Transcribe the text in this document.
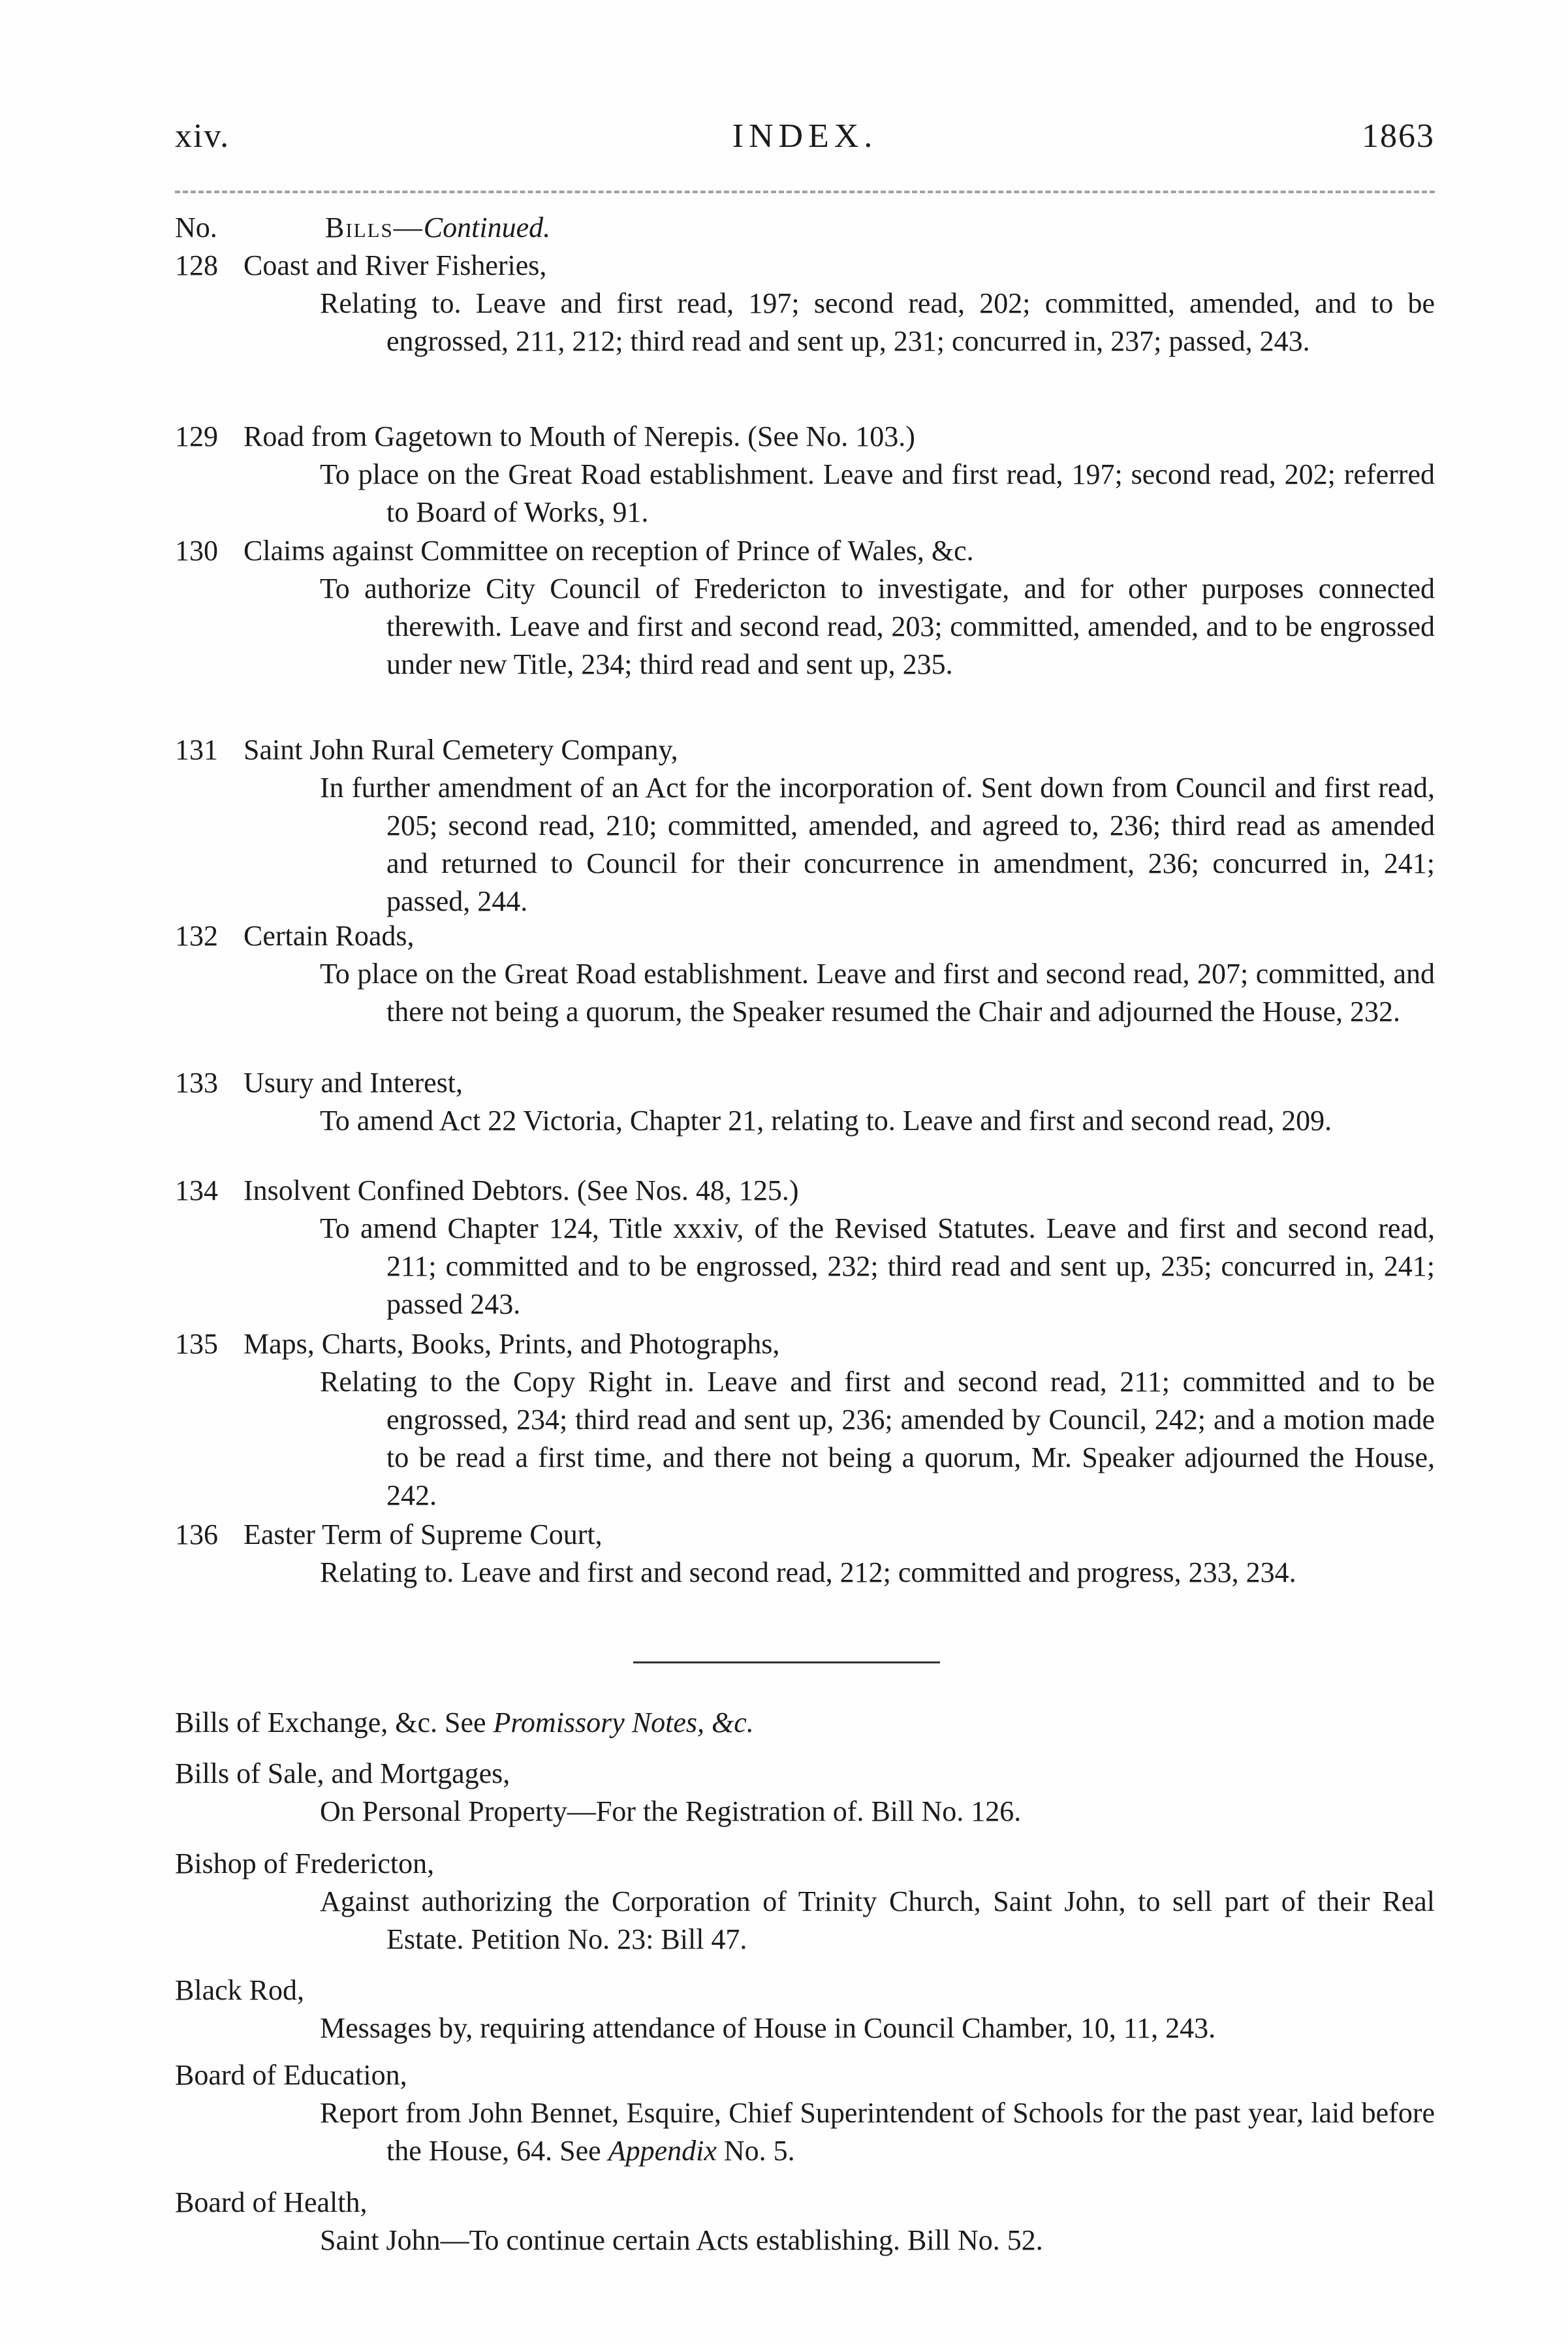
xiv.	INDEX.	1863
No.	Bills—Continued.
128 Coast and River Fisheries,

Relating to. Leave and first read, 197; second read, 202; committed, amended, and to be engrossed, 211, 212; third read and sent up, 231; concurred in, 237; passed, 243.

129 Road from Gagetown to Mouth of Nerepis. (See No. 103.)

To place on the Great Road establishment. Leave and first read, 197; second read, 202; referred to Board of Works, 91.

130 Claims against Committee on reception of Prince of Wales, &c.

To authorize City Council of Fredericton to investigate, and for other purposes connected therewith. Leave and first and second read, 203; committed, amended, and to be engrossed under new Title, 234; third read and sent up, 235.

131 Saint John Rural Cemetery Company,

In further amendment of an Act for the incorporation of. Sent down from Council and first read, 205; second read, 210; committed, amended, and agreed to, 236; third read as amended and returned to Council for their concurrence in amendment, 236; concurred in, 241; passed, 244.

132 Certain Roads,

To place on the Great Road establishment. Leave and first and second read, 207; committed, and there not being a quorum, the Speaker resumed the Chair and adjourned the House, 232.

133 Usury and Interest,

To amend Act 22 Victoria, Chapter 21, relating to. Leave and first and second read, 209.

134 Insolvent Confined Debtors. (See Nos. 48, 125.)

To amend Chapter 124, Title xxxiv, of the Revised Statutes. Leave and first and second read, 211; committed and to be engrossed, 232; third read and sent up, 235; concurred in, 241; passed 243.

135 Maps, Charts, Books, Prints, and Photographs,

Relating to the Copy Right in. Leave and first and second read, 211; committed and to be engrossed, 234; third read and sent up, 236; amended by Council, 242; and a motion made to be read a first time, and there not being a quorum, Mr. Speaker adjourned the House, 242.

136 Easter Term of Supreme Court,

Relating to. Leave and first and second read, 212; committed and progress, 233, 234.

Bills of Exchange, &c. See Promissory Notes, &c.
Bills of Sale, and Mortgages,
On Personal Property—For the Registration of. Bill No. 126.
Bishop of Fredericton,
Against authorizing the Corporation of Trinity Church, Saint John, to sell part of their Real Estate. Petition No. 23: Bill 47.
Black Rod,
Messages by, requiring attendance of House in Council Chamber, 10, 11, 243.
Board of Education,
Report from John Bennet, Esquire, Chief Superintendent of Schools for the past year, laid before the House, 64. See Appendix No. 5.
Board of Health,
Saint John—To continue certain Acts establishing. Bill No. 52.
